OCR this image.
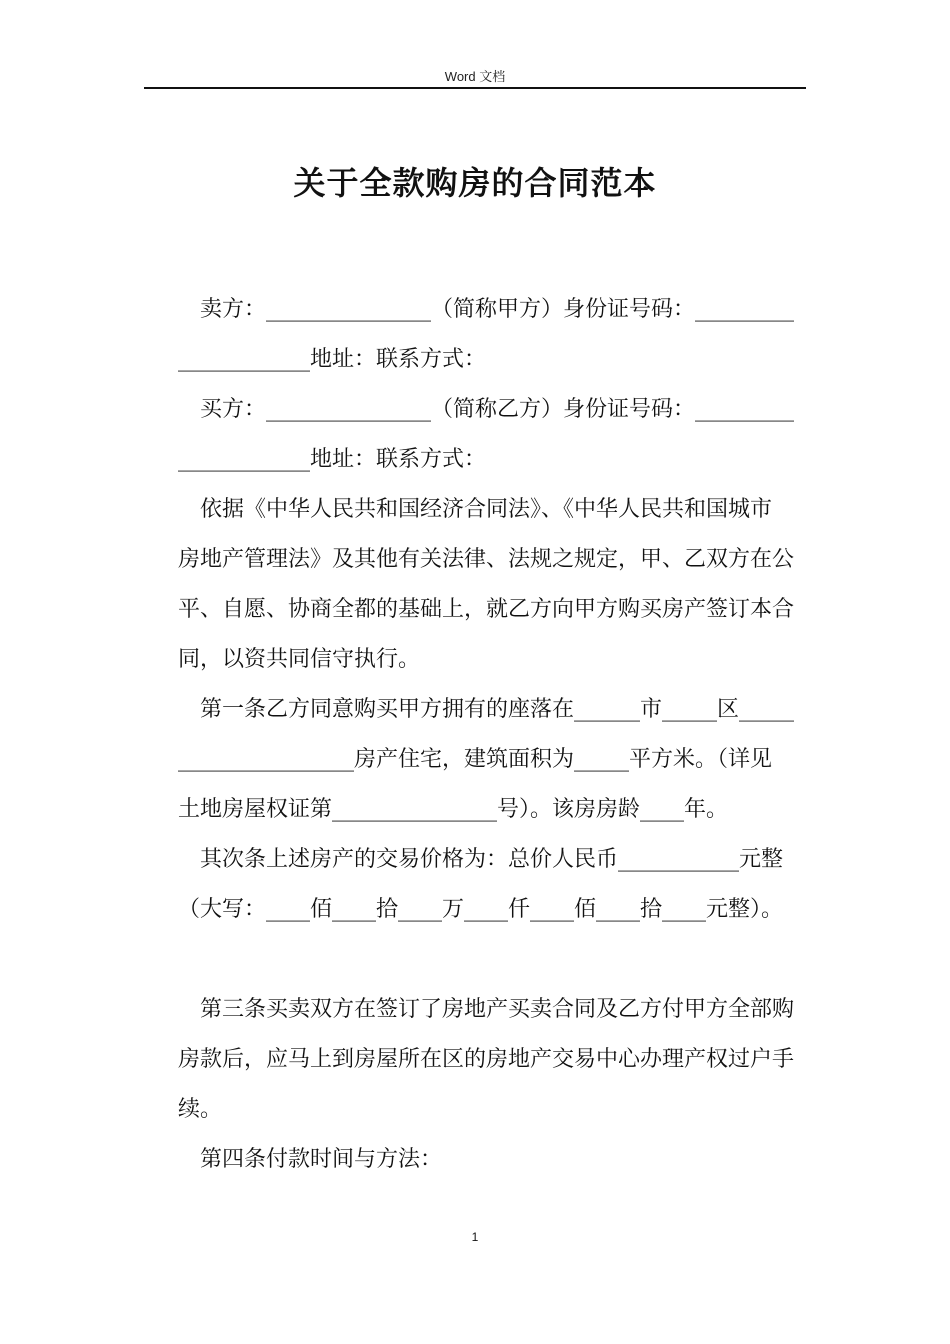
Word 文档
关于全款购房的合同范本

卖方：_______________（简称甲方）身份证号码：_________

____________地址：联系方式：

买方：_______________（简称乙方）身份证号码：_________

____________地址：联系方式：

依据《中华人民共和国经济合同法》、《中华人民共和国城市

房地产管理法》及其他有关法律、法规之规定，甲、乙双方在公

平、自愿、协商全都的基础上，就乙方向甲方购买房产签订本合

同，以资共同信守执行。

第一条乙方同意购买甲方拥有的座落在______市_____区_____

________________房产住宅，建筑面积为_____平方米。（详见

土地房屋权证第_______________号）。该房房龄____年。

其次条上述房产的交易价格为：总价人民币___________元整

（大写：____佰____拾____万____仟____佰____拾____元整）。

第三条买卖双方在签订了房地产买卖合同及乙方付甲方全部购

房款后，应马上到房屋所在区的房地产交易中心办理产权过户手

续。

第四条付款时间与方法：

1
